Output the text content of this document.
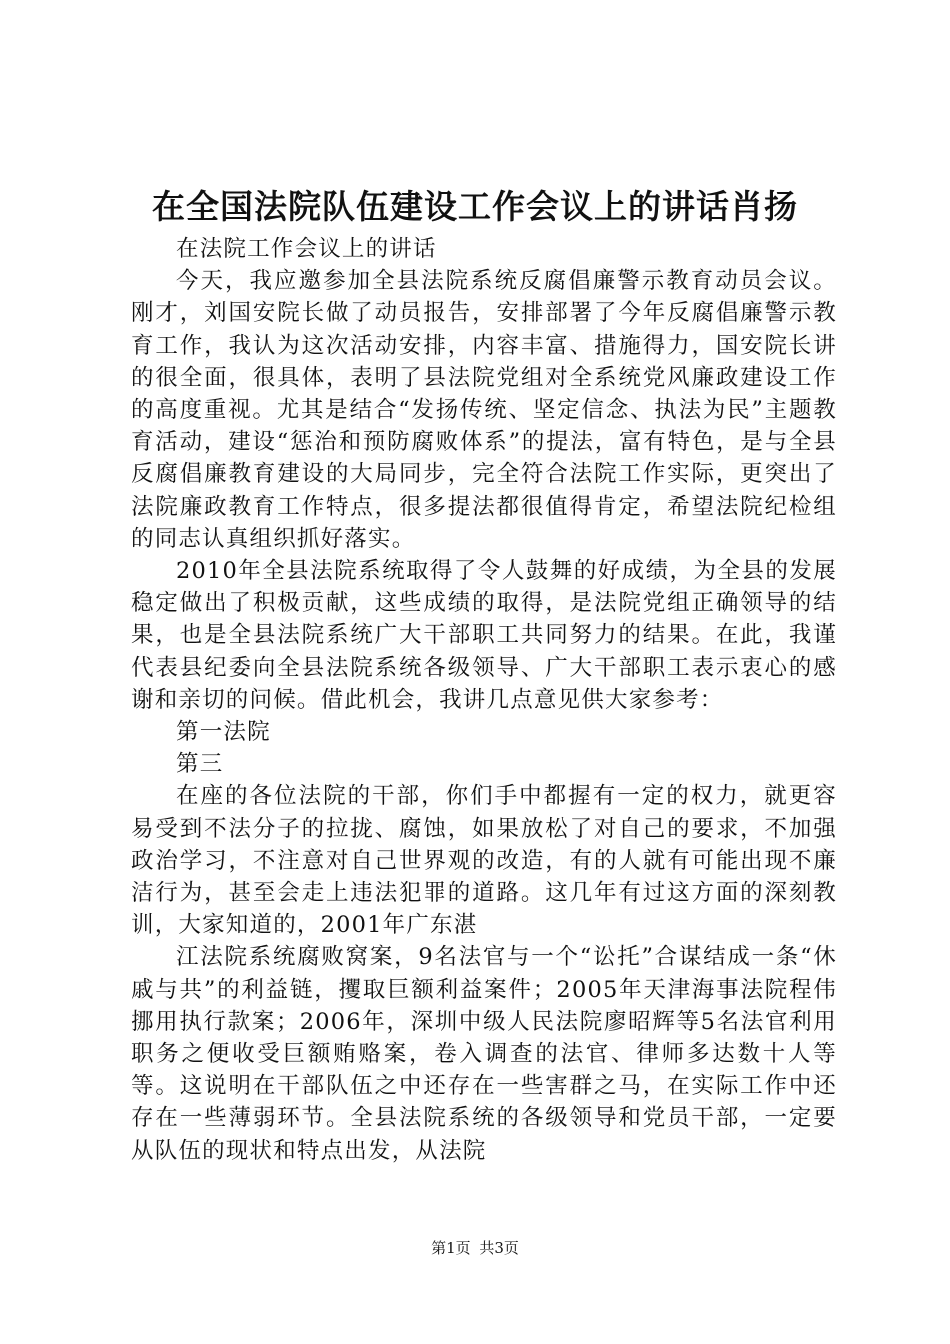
在全国法院队伍建设工作会议上的讲话肖扬

在法院工作会议上的讲话

今天，我应邀参加全县法院系统反腐倡廉警示教育动员会议。刚才，刘国安院长做了动员报告，安排部署了今年反腐倡廉警示教育工作，我认为这次活动安排，内容丰富、措施得力，国安院长讲的很全面，很具体，表明了县法院党组对全系统党风廉政建设工作的高度重视。尤其是结合“发扬传统、坚定信念、执法为民”主题教育活动，建设“惩治和预防腐败体系”的提法，富有特色，是与全县反腐倡廉教育建设的大局同步，完全符合法院工作实际，更突出了法院廉政教育工作特点，很多提法都很值得肯定，希望法院纪检组的同志认真组织抓好落实。

2010年全县法院系统取得了令人鼓舞的好成绩，为全县的发展稳定做出了积极贡献，这些成绩的取得，是法院党组正确领导的结果，也是全县法院系统广大干部职工共同努力的结果。在此，我谨代表县纪委向全县法院系统各级领导、广大干部职工表示衷心的感谢和亲切的问候。借此机会，我讲几点意见供大家参考：

第一法院

第三

在座的各位法院的干部，你们手中都握有一定的权力，就更容易受到不法分子的拉拢、腐蚀，如果放松了对自己的要求，不加强政治学习，不注意对自己世界观的改造，有的人就有可能出现不廉洁行为，甚至会走上违法犯罪的道路。这几年有过这方面的深刻教训，大家知道的，2001年广东湛

江法院系统腐败窝案，9名法官与一个“讼托”合谋结成一条“休戚与共”的利益链，攫取巨额利益案件；2005年天津海事法院程伟挪用执行款案；2006年，深圳中级人民法院廖昭辉等5名法官利用职务之便收受巨额贿赂案，卷入调查的法官、律师多达数十人等等。这说明在干部队伍之中还存在一些害群之马，在实际工作中还存在一些薄弱环节。全县法院系统的各级领导和党员干部，一定要从队伍的现状和特点出发，从法院

第1页 共3页
